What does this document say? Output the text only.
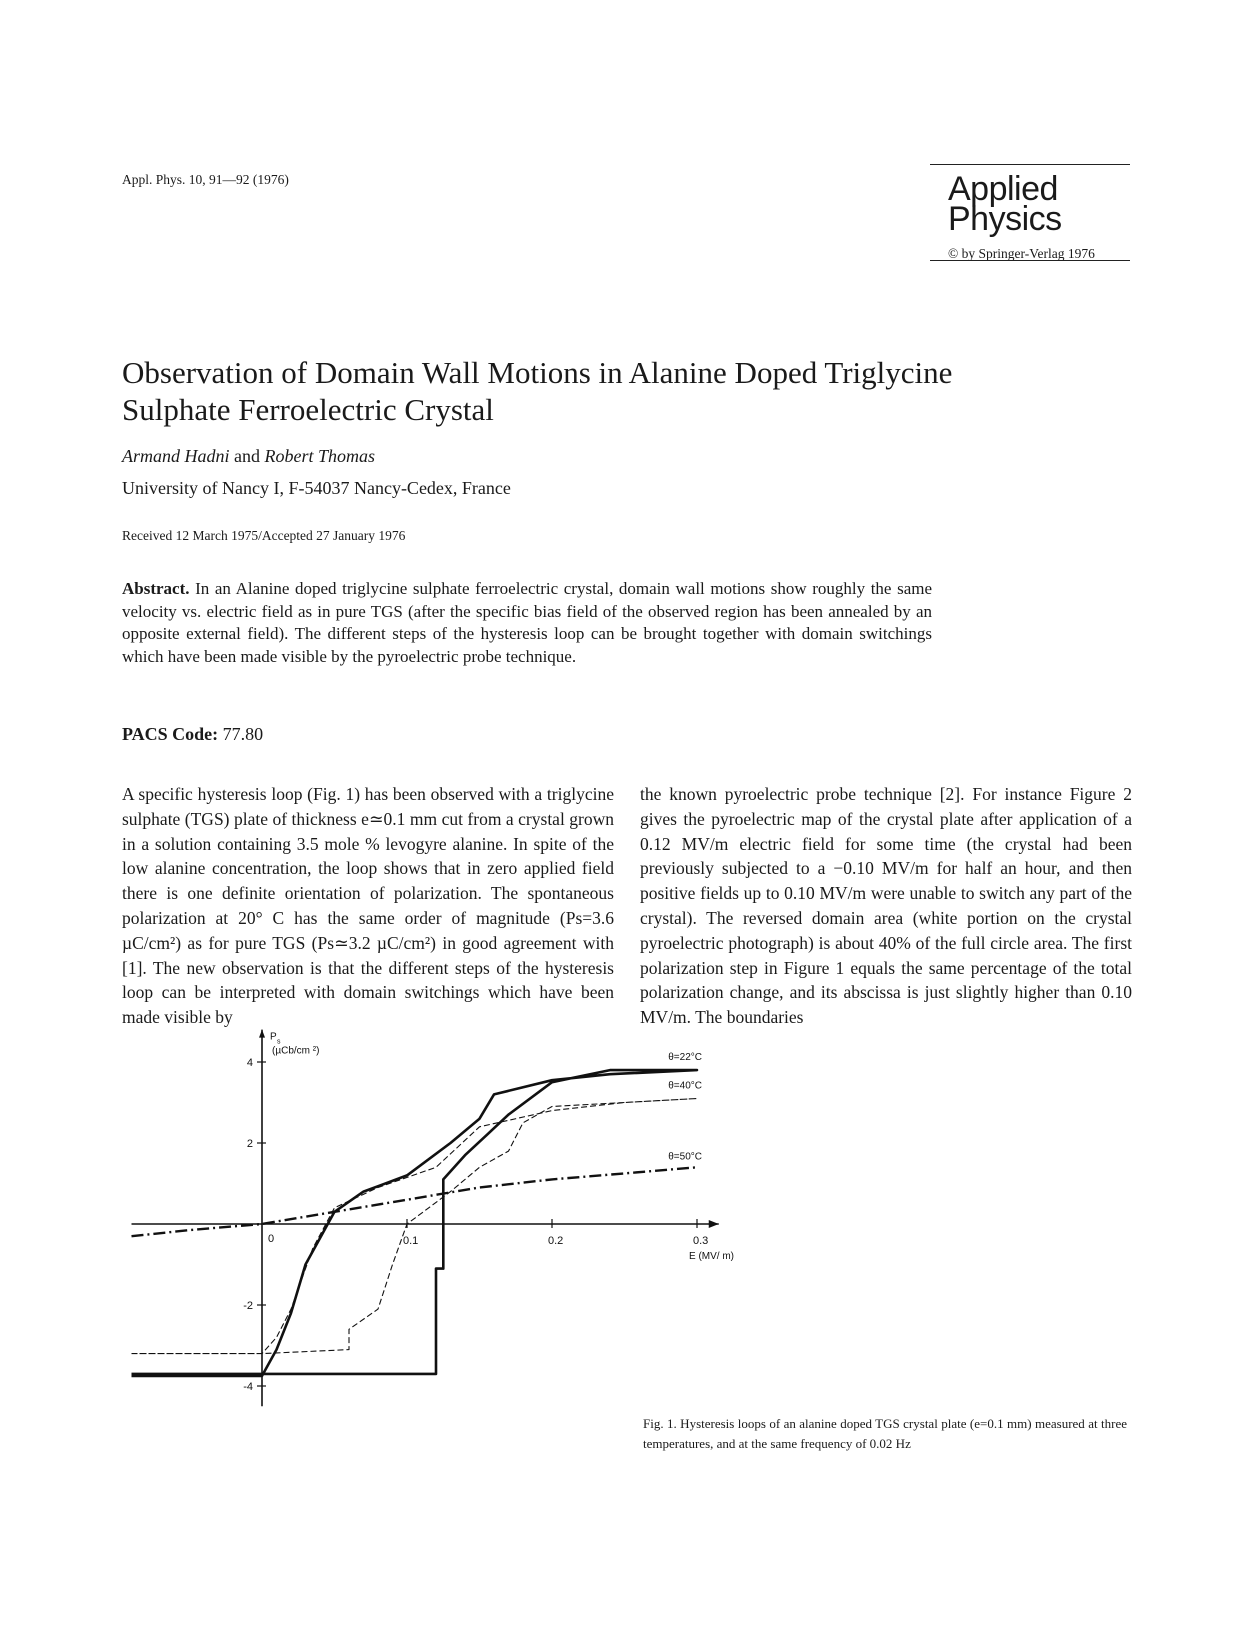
Appl. Phys. 10, 91—92 (1976)	Applied
Physics
© by Springer-Verlag 1976
Observation of Domain Wall Motions in Alanine Doped Triglycine Sulphate Ferroelectric Crystal
Armand Hadni and Robert Thomas
University of Nancy I, F-54037 Nancy-Cedex, France
Received 12 March 1975/Accepted 27 January 1976
Abstract. In an Alanine doped triglycine sulphate ferroelectric crystal, domain wall motions show roughly the same velocity vs. electric field as in pure TGS (after the specific bias field of the observed region has been annealed by an opposite external field). The different steps of the hysteresis loop can be brought together with domain switchings which have been made visible by the pyroelectric probe technique.
PACS Code: 77.80
A specific hysteresis loop (Fig. 1) has been observed with a triglycine sulphate (TGS) plate of thickness e≃0.1 mm cut from a crystal grown in a solution containing 3.5 mole % levogyre alanine. In spite of the low alanine concentration, the loop shows that in zero applied field there is one definite orientation of polarization. The spontaneous polarization at 20° C has the same order of magnitude (Ps=3.6 µC/cm²) as for pure TGS (Ps≃3.2 µC/cm²) in good agreement with [1]. The new observation is that the different steps of the hysteresis loop can be interpreted with domain switchings which have been made visible by
the known pyroelectric probe technique [2]. For instance Figure 2 gives the pyroelectric map of the crystal plate after application of a 0.12 MV/m electric field for some time (the crystal had been previously subjected to a −0.10 MV/m for half an hour, and then positive fields up to 0.10 MV/m were unable to switch any part of the crystal). The reversed domain area (white portion on the crystal pyroelectric photograph) is about 40% of the full circle area. The first polarization step in Figure 1 equals the same percentage of the total polarization change, and its abscissa is just slightly higher than 0.10 MV/m. The boundaries
0.1	0.2	0.3
4
2
-2
-4
0
E (MV/ m)
P s
(µCb/cm ²)
θ=22°C
θ=40°C
θ=50°C
Fig. 1. Hysteresis loops of an alanine doped TGS crystal plate (e=0.1 mm) measured at three temperatures, and at the same frequency of 0.02 Hz
